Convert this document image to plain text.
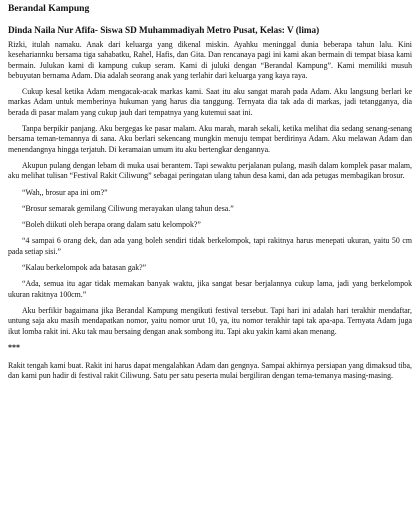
Berandal Kampung
Dinda Naila Nur Afifa- Siswa SD Muhammadiyah Metro Pusat, Kelas: V (lima)

Rizki, itulah namaku. Anak dari keluarga yang dikenal miskin. Ayahku meninggal dunia beberapa tahun lalu. Kini kesehariannku bersama tiga sahabatku, Rahel, Hafis, dan Gita. Dan rencanaya pagi ini kami akan bermain di tempat biasa kami bermain. Julukan kami di kampung cukup seram. Kami di juluki dengan “Berandal Kampung”. Kami memiliki musuh bebuyutan bernama Adam. Dia adalah seorang anak yang terlahir dari keluarga yang kaya raya.

Cukup kesal ketika Adam mengacak-acak markas kami. Saat itu aku sangat marah pada Adam. Aku langsung berlari ke markas Adam untuk memberinya hukuman yang harus dia tanggung. Ternyata dia tak ada di markas, jadi tetangganya, dia berada di pasar malam yang cukup jauh dari tempatnya yang kutemui saat ini.

Tanpa berpikir panjang. Aku bergegas ke pasar malam. Aku marah, marah sekali, ketika melihat dia sedang senang-senang bersama teman-temannya di sana. Aku berlari sekencang mungkin menuju tempat berdirinya Adam. Aku melawan Adam dan menendangnya hingga terjatuh. Di keramaian umum itu aku bertengkar dengannya.

Akupun pulang dengan lebam di muka usai berantem. Tapi sewaktu perjalanan pulang, masih dalam komplek pasar malam, aku melihat tulisan “Festival Rakit Ciliwung” sebagai peringatan ulang tahun desa kami, dan ada petugas membagikan brosur.

“Wah,, brosur apa ini om?”

“Brosur semarak gemilang Ciliwung merayakan ulang tahun desa.”

“Boleh diikuti oleh berapa orang dalam satu kelompok?”

“4 sampai 6 orang dek, dan ada yang boleh sendiri tidak berkelompok, tapi rakitnya harus menepati ukuran, yaitu 50 cm pada setiap sisi.”

“Kalau berkelompok ada batasan gak?”

“Ada, semua itu agar tidak memakan banyak waktu, jika sangat besar berjalannya cukup lama, jadi yang berkelompok ukuran rakitnya 100cm.”

Aku berfikir bagaimana jika Berandal Kampung mengikuti festival tersebut. Tapi hari ini adalah hari terakhir mendaftar, untung saja aku masih mendapatkan nomor, yaitu nomor urut 10, ya, itu nomor terakhir tapi tak apa-apa. Ternyata Adam juga ikut lomba rakit ini. Aku tak mau bersaing dengan anak sombong itu. Tapi aku yakin kami akan menang.

***

Rakit tengah kami buat. Rakit ini harus dapat mengalahkan Adam dan gengnya. Sampai akhirnya persiapan yang dimaksud tiba, dan kami pun hadir di festival rakit Ciliwung. Satu per satu peserta mulai bergiliran dengan tema-temanya masing-masing.
